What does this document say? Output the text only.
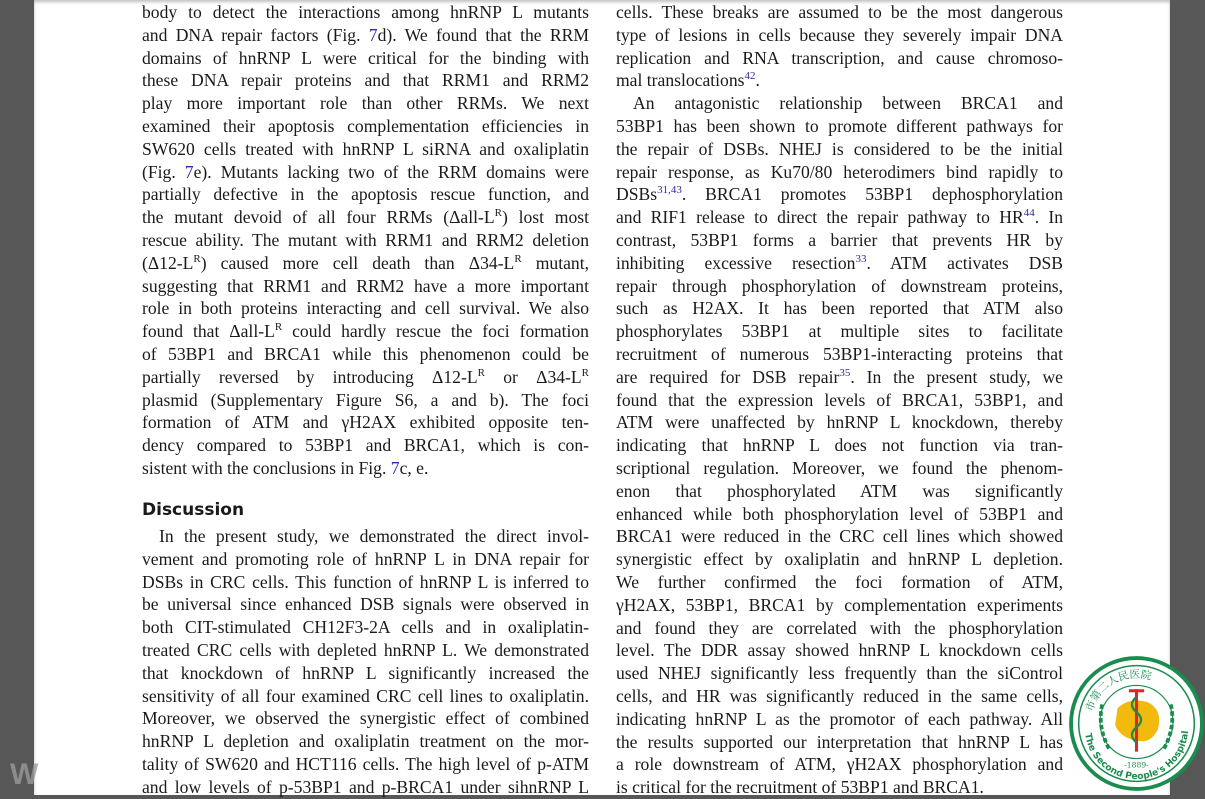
W
body to detect the interactions among hnRNP L mutants
and DNA repair factors (Fig. 7d). We found that the RRM
domains of hnRNP L were critical for the binding with
these DNA repair proteins and that RRM1 and RRM2
play more important role than other RRMs. We next
examined their apoptosis complementation efficiencies in
SW620 cells treated with hnRNP L siRNA and oxaliplatin
(Fig. 7e). Mutants lacking two of the RRM domains were
partially defective in the apoptosis rescue function, and
the mutant devoid of all four RRMs $(\Delta all-L^R)$ lost most
rescue ability. The mutant with RRM1 and RRM2 deletion
$(\Delta 12-L^R)$ caused more cell death than $\Delta 34-L^R$ mutant,
suggesting that RRM1 and RRM2 have a more important
role in both proteins interacting and cell survival. We also
found that Δall-$L^R$ could hardly rescue the foci formation
of 53BP1 and BRCA1 while this phenomenon could be
partially reversed by introducing $\Delta 12-L^R$ or $\Delta 34-L^R$
plasmid (Supplementary Figure S6, a and b). The foci
formation of ATM and γH2AX exhibited opposite ten-
dency compared to 53BP1 and BRCA1, which is con-
sistent with the conclusions in Fig. 7c, e.
Discussion
In the present study, we demonstrated the direct invol-
vement and promoting role of hnRNP L in DNA repair for
DSBs in CRC cells. This function of hnRNP L is inferred to
be universal since enhanced DSB signals were observed in
both CIT-stimulated CH12F3-2A cells and in oxaliplatin-
treated CRC cells with depleted hnRNP L. We demonstrated
that knockdown of hnRNP L significantly increased the
sensitivity of all four examined CRC cell lines to oxaliplatin.
Moreover, we observed the synergistic effect of combined
hnRNP L depletion and oxaliplatin treatment on the mor-
tality of SW620 and HCT116 cells. The high level of p-ATM
and low levels of p-53BP1 and p-BRCA1 under sihnRNP L
cells. These breaks are assumed to be the most dangerous
type of lesions in cells because they severely impair DNA
replication and RNA transcription, and cause chromoso-
mal translocations$^{42}$.
An antagonistic relationship between BRCA1 and
53BP1 has been shown to promote different pathways for
the repair of DSBs. NHEJ is considered to be the initial
repair response, as Ku70/80 heterodimers bind rapidly to
DSBs$^{31,43}$. BRCA1 promotes 53BP1 dephosphorylation
and RIF1 release to direct the repair pathway to HR$^{44}$. In
contrast, 53BP1 forms a barrier that prevents HR by
inhibiting excessive resection$^{33}$. ATM activates DSB
repair through phosphorylation of downstream proteins,
such as H2AX. It has been reported that ATM also
phosphorylates 53BP1 at multiple sites to facilitate
recruitment of numerous 53BP1-interacting proteins that
are required for DSB repair$^{35}$. In the present study, we
found that the expression levels of BRCA1, 53BP1, and
ATM were unaffected by hnRNP L knockdown, thereby
indicating that hnRNP L does not function via tran-
scriptional regulation. Moreover, we found the phenom-
enon that phosphorylated ATM was significantly
enhanced while both phosphorylation level of 53BP1 and
BRCA1 were reduced in the CRC cell lines which showed
synergistic effect by oxaliplatin and hnRNP L depletion.
We further confirmed the foci formation of ATM,
γH2AX, 53BP1, BRCA1 by complementation experiments
and found they are correlated with the phosphorylation
level. The DDR assay showed hnRNP L knockdown cells
used NHEJ significantly less frequently than the siControl
cells, and HR was significantly reduced in the same cells,
indicating hnRNP L as the promotor of each pathway. All
the results supported our interpretation that hnRNP L has
a role downstream of ATM, γH2AX phosphorylation and
is critical for the recruitment of 53BP1 and BRCA1.
市第二人民医院
The Second People's Hospital
-1889-
